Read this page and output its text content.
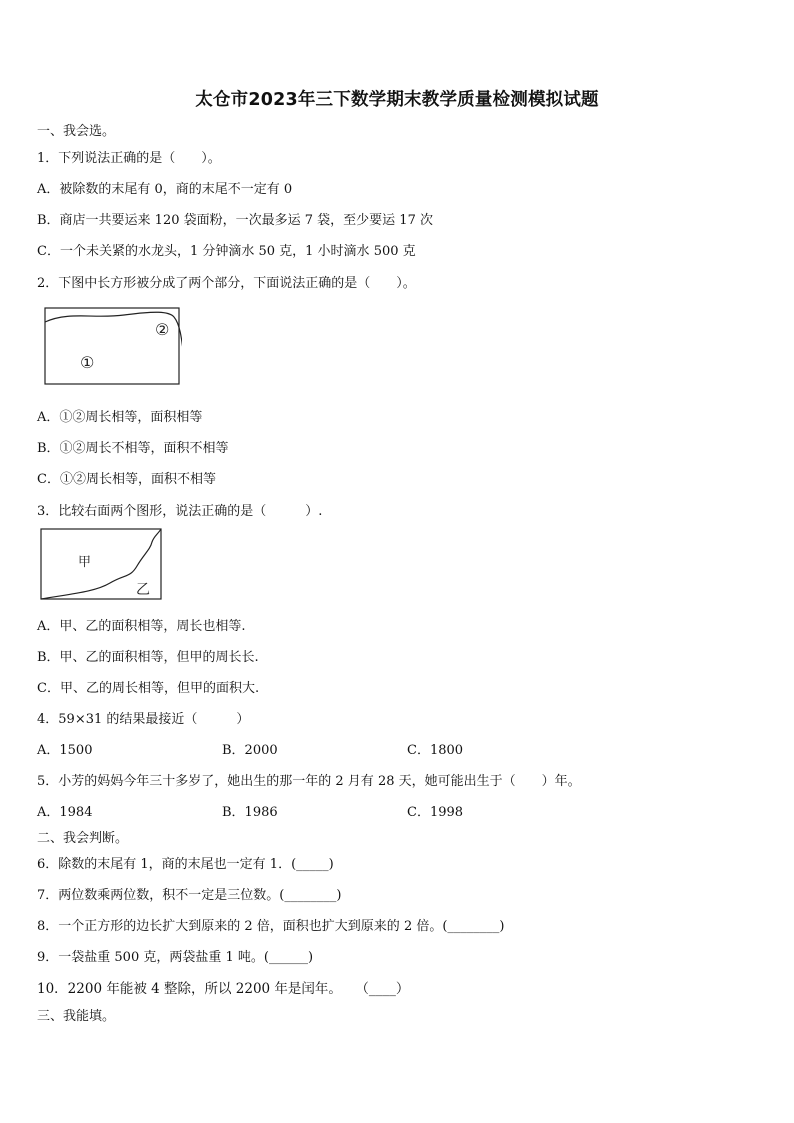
太仓市2023年三下数学期末教学质量检测模拟试题
一、我会选。
1．下列说法正确的是（　　）。
A．被除数的末尾有 0，商的末尾不一定有 0
B．商店一共要运来 120 袋面粉，一次最多运 7 袋，至少要运 17 次
C．一个未关紧的水龙头，1 分钟滴水 50 克，1 小时滴水 500 克
2．下图中长方形被分成了两个部分，下面说法正确的是（　　）。
①
②
A．①②周长相等，面积相等
B．①②周长不相等，面积不相等
C．①②周长相等，面积不相等
3．比较右面两个图形，说法正确的是（　　　）.
甲
乙
A．甲、乙的面积相等，周长也相等.
B．甲、乙的面积相等，但甲的周长长.
C．甲、乙的周长相等，但甲的面积大.
4．59×31 的结果最接近（　　　）
A．1500	B．2000	C．1800
5．小芳的妈妈今年三十多岁了，她出生的那一年的 2 月有 28 天，她可能出生于（　　）年。
A．1984	B．1986	C．1998
二、我会判断。
6．除数的末尾有 1，商的末尾也一定有 1．(_____)
7．两位数乘两位数，积不一定是三位数。(________)
8．一个正方形的边长扩大到原来的 2 倍，面积也扩大到原来的 2 倍。(________)
9．一袋盐重 500 克，两袋盐重 1 吨。(______)
10．2200 年能被 4 整除，所以 2200 年是闰年。　　（____）
三、我能填。
